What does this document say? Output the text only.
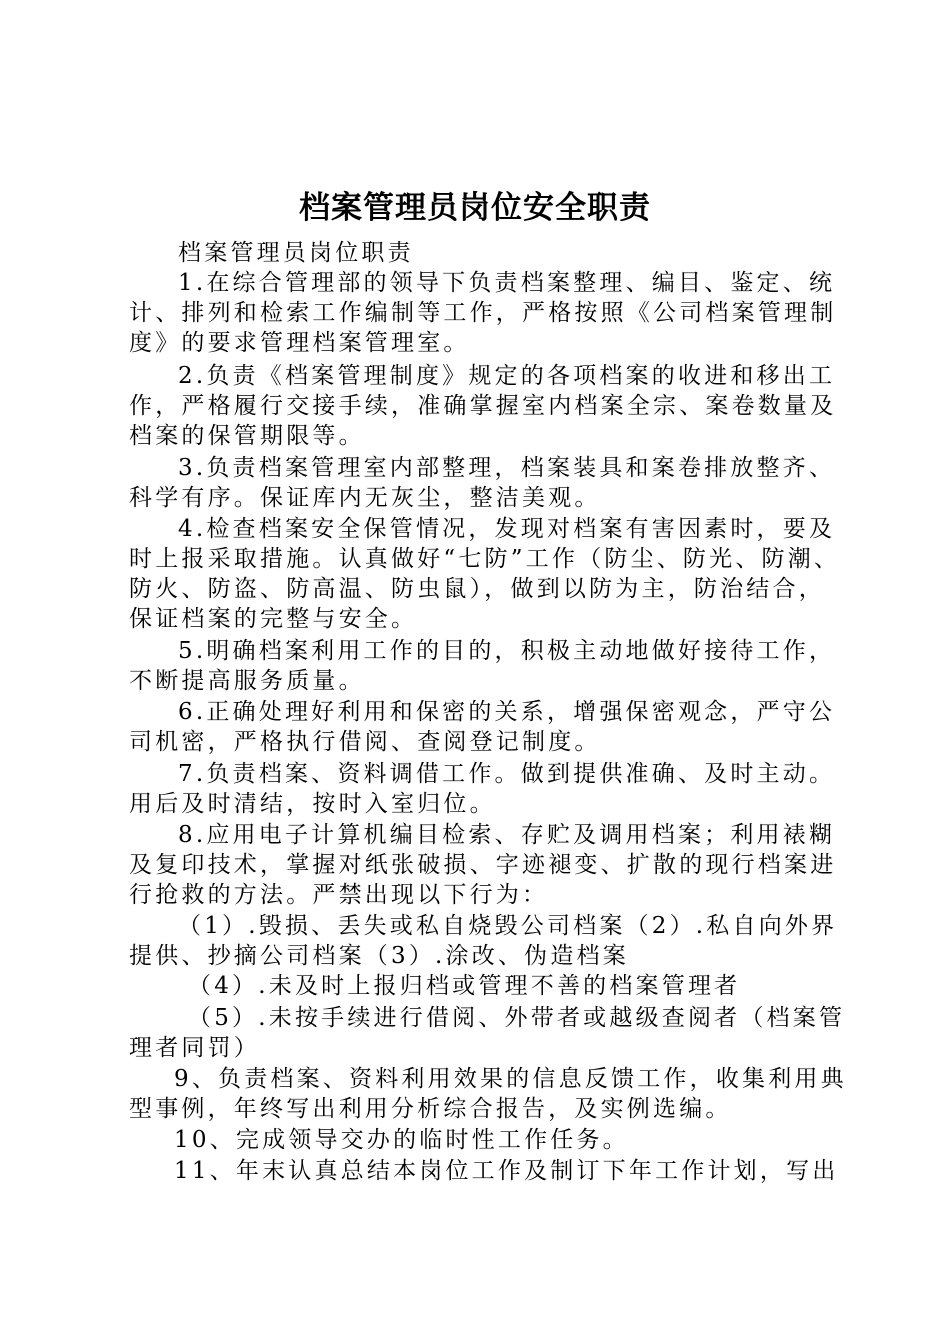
档案管理员岗位安全职责
档案管理员岗位职责
1.在综合管理部的领导下负责档案整理、编目、鉴定、统
计、排列和检索工作编制等工作，严格按照《公司档案管理制
度》的要求管理档案管理室。
2.负责《档案管理制度》规定的各项档案的收进和移出工
作，严格履行交接手续，准确掌握室内档案全宗、案卷数量及
档案的保管期限等。
3.负责档案管理室内部整理，档案装具和案卷排放整齐、
科学有序。保证库内无灰尘，整洁美观。
4.检查档案安全保管情况，发现对档案有害因素时，要及
时上报采取措施。认真做好“七防”工作（防尘、防光、防潮、
防火、防盗、防高温、防虫鼠），做到以防为主，防治结合，
保证档案的完整与安全。
5.明确档案利用工作的目的，积极主动地做好接待工作，
不断提高服务质量。
6.正确处理好利用和保密的关系，增强保密观念，严守公
司机密，严格执行借阅、查阅登记制度。
7.负责档案、资料调借工作。做到提供准确、及时主动。
用后及时清结，按时入室归位。
8.应用电子计算机编目检索、存贮及调用档案；利用裱糊
及复印技术，掌握对纸张破损、字迹褪变、扩散的现行档案进
行抢救的方法。严禁出现以下行为：
（1）.毁损、丢失或私自烧毁公司档案（2）.私自向外界
提供、抄摘公司档案（3）.涂改、伪造档案
（4）.未及时上报归档或管理不善的档案管理者
（5）.未按手续进行借阅、外带者或越级查阅者（档案管
理者同罚）
9、负责档案、资料利用效果的信息反馈工作，收集利用典
型事例，年终写出利用分析综合报告，及实例选编。
10、完成领导交办的临时性工作任务。
11、年末认真总结本岗位工作及制订下年工作计划，写出
